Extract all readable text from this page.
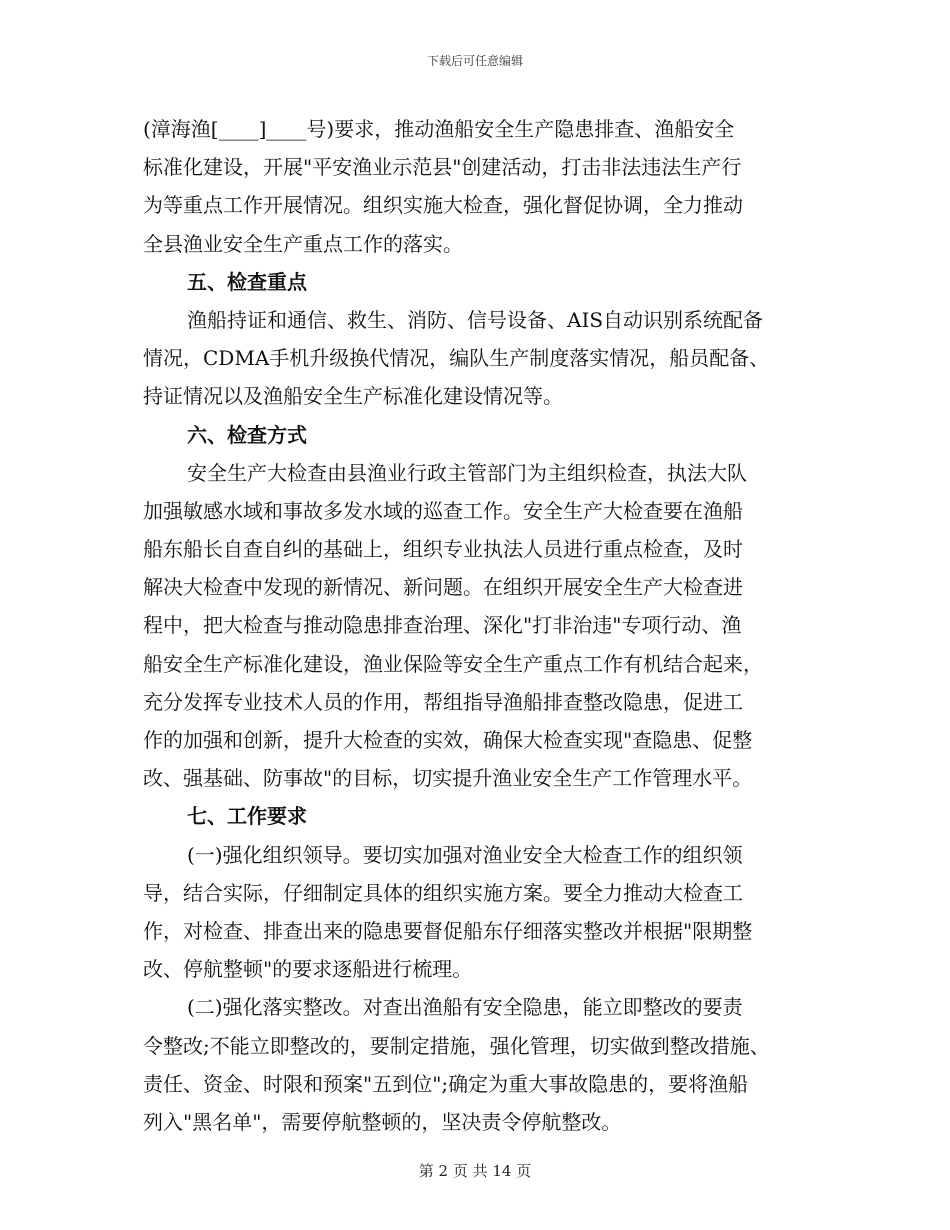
下载后可任意编辑
(漳海渔[____]____号)要求，推动渔船安全生产隐患排查、渔船安全
标准化建设，开展"平安渔业示范县"创建活动，打击非法违法生产行
为等重点工作开展情况。组织实施大检查，强化督促协调，全力推动
全县渔业安全生产重点工作的落实。
五、检查重点
渔船持证和通信、救生、消防、信号设备、AIS自动识别系统配备
情况，CDMA手机升级换代情况，编队生产制度落实情况，船员配备、
持证情况以及渔船安全生产标准化建设情况等。
六、检查方式
安全生产大检查由县渔业行政主管部门为主组织检查，执法大队
加强敏感水域和事故多发水域的巡查工作。安全生产大检查要在渔船
船东船长自查自纠的基础上，组织专业执法人员进行重点检查，及时
解决大检查中发现的新情况、新问题。在组织开展安全生产大检查进
程中，把大检查与推动隐患排查治理、深化"打非治违"专项行动、渔
船安全生产标准化建设，渔业保险等安全生产重点工作有机结合起来，
充分发挥专业技术人员的作用，帮组指导渔船排查整改隐患，促进工
作的加强和创新，提升大检查的实效，确保大检查实现"查隐患、促整
改、强基础、防事故"的目标，切实提升渔业安全生产工作管理水平。
七、工作要求
(一)强化组织领导。要切实加强对渔业安全大检查工作的组织领
导，结合实际，仔细制定具体的组织实施方案。要全力推动大检查工
作，对检查、排查出来的隐患要督促船东仔细落实整改并根据"限期整
改、停航整顿"的要求逐船进行梳理。
(二)强化落实整改。对查出渔船有安全隐患，能立即整改的要责
令整改;不能立即整改的，要制定措施，强化管理，切实做到整改措施、
责任、资金、时限和预案"五到位";确定为重大事故隐患的，要将渔船
列入"黑名单"，需要停航整顿的，坚决责令停航整改。
第 2 页 共 14 页
